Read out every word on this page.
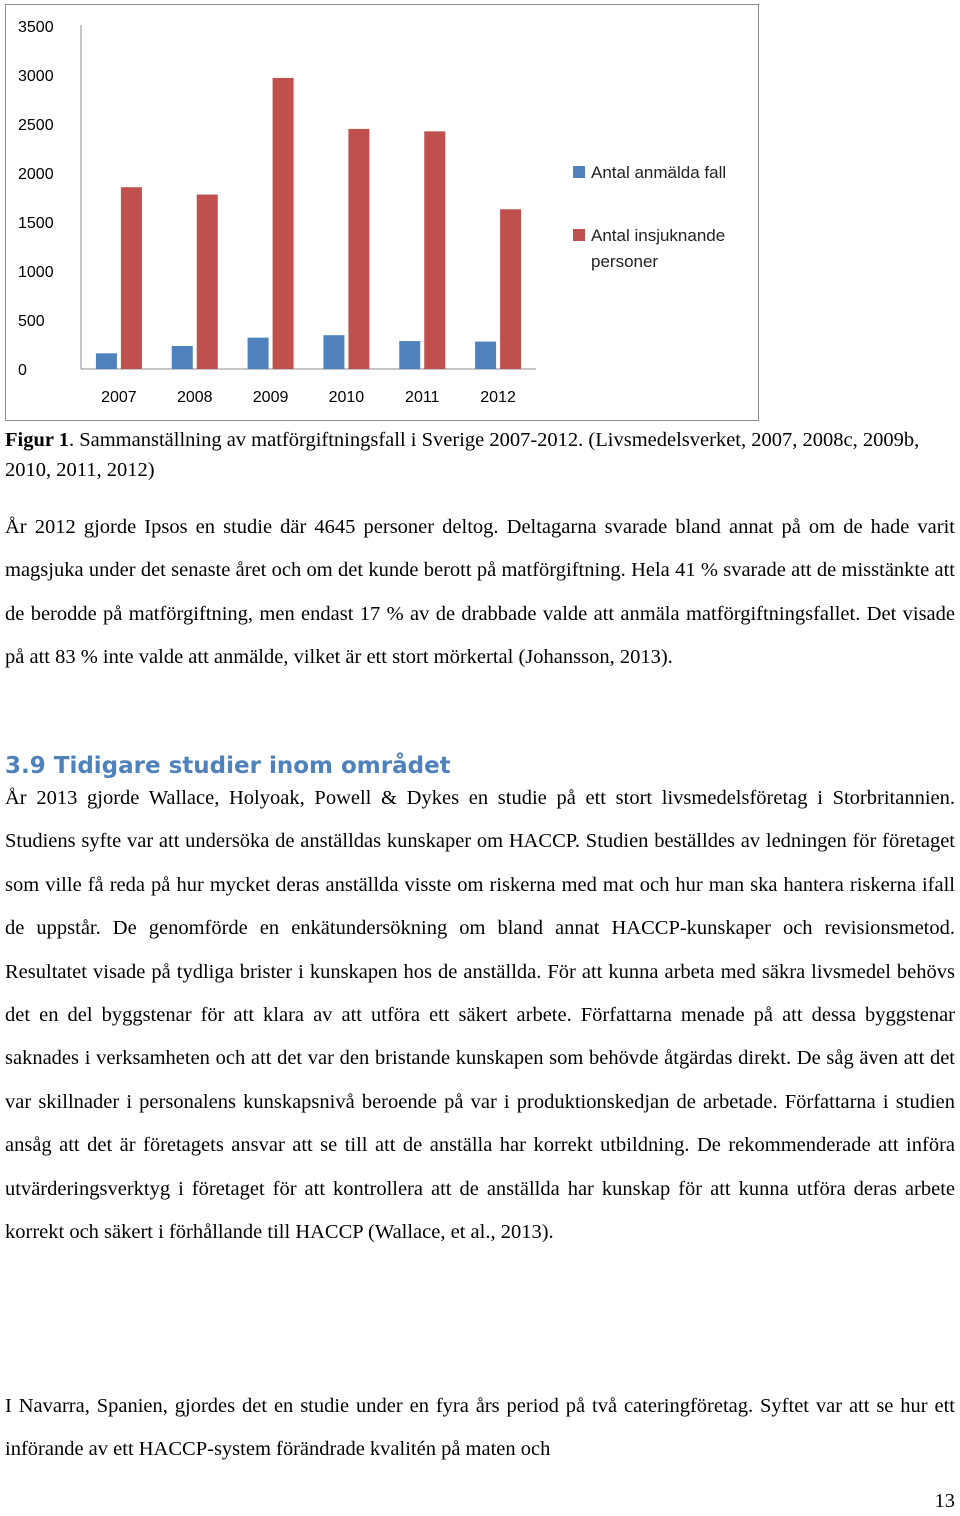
3500
3000
2500
2000
1500
1000
500
0
2007	2008	2009	2010	2011	2012
Antal anmälda fall
Antal insjuknande personer
Figur 1. Sammanställning av matförgiftningsfall i Sverige 2007-2012. (Livsmedelsverket, 2007, 2008c, 2009b, 2010, 2011, 2012)

År 2012 gjorde Ipsos en studie där 4645 personer deltog. Deltagarna svarade bland annat på om de hade varit magsjuka under det senaste året och om det kunde berott på matförgiftning. Hela 41 % svarade att de misstänkte att de berodde på matförgiftning, men endast 17 % av de drabbade valde att anmäla matförgiftningsfallet. Det visade på att 83 % inte valde att anmälde, vilket är ett stort mörkertal (Johansson, 2013).

3.9 Tidigare studier inom området

År 2013 gjorde Wallace, Holyoak, Powell & Dykes en studie på ett stort livsmedelsföretag i Storbritannien. Studiens syfte var att undersöka de anställdas kunskaper om HACCP. Studien beställdes av ledningen för företaget som ville få reda på hur mycket deras anställda visste om riskerna med mat och hur man ska hantera riskerna ifall de uppstår. De genomförde en enkätundersökning om bland annat HACCP-kunskaper och revisionsmetod. Resultatet visade på tydliga brister i kunskapen hos de anställda. För att kunna arbeta med säkra livsmedel behövs det en del byggstenar för att klara av att utföra ett säkert arbete. Författarna menade på att dessa byggstenar saknades i verksamheten och att det var den bristande kunskapen som behövde åtgärdas direkt. De såg även att det var skillnader i personalens kunskapsnivå beroende på var i produktionskedjan de arbetade. Författarna i studien ansåg att det är företagets ansvar att se till att de anställa har korrekt utbildning. De rekommenderade att införa utvärderingsverktyg i företaget för att kontrollera att de anställda har kunskap för att kunna utföra deras arbete korrekt och säkert i förhållande till HACCP (Wallace, et al., 2013).

I Navarra, Spanien, gjordes det en studie under en fyra års period på två cateringföretag. Syftet var att se hur ett införande av ett HACCP-system förändrade kvalitén på maten och

13
